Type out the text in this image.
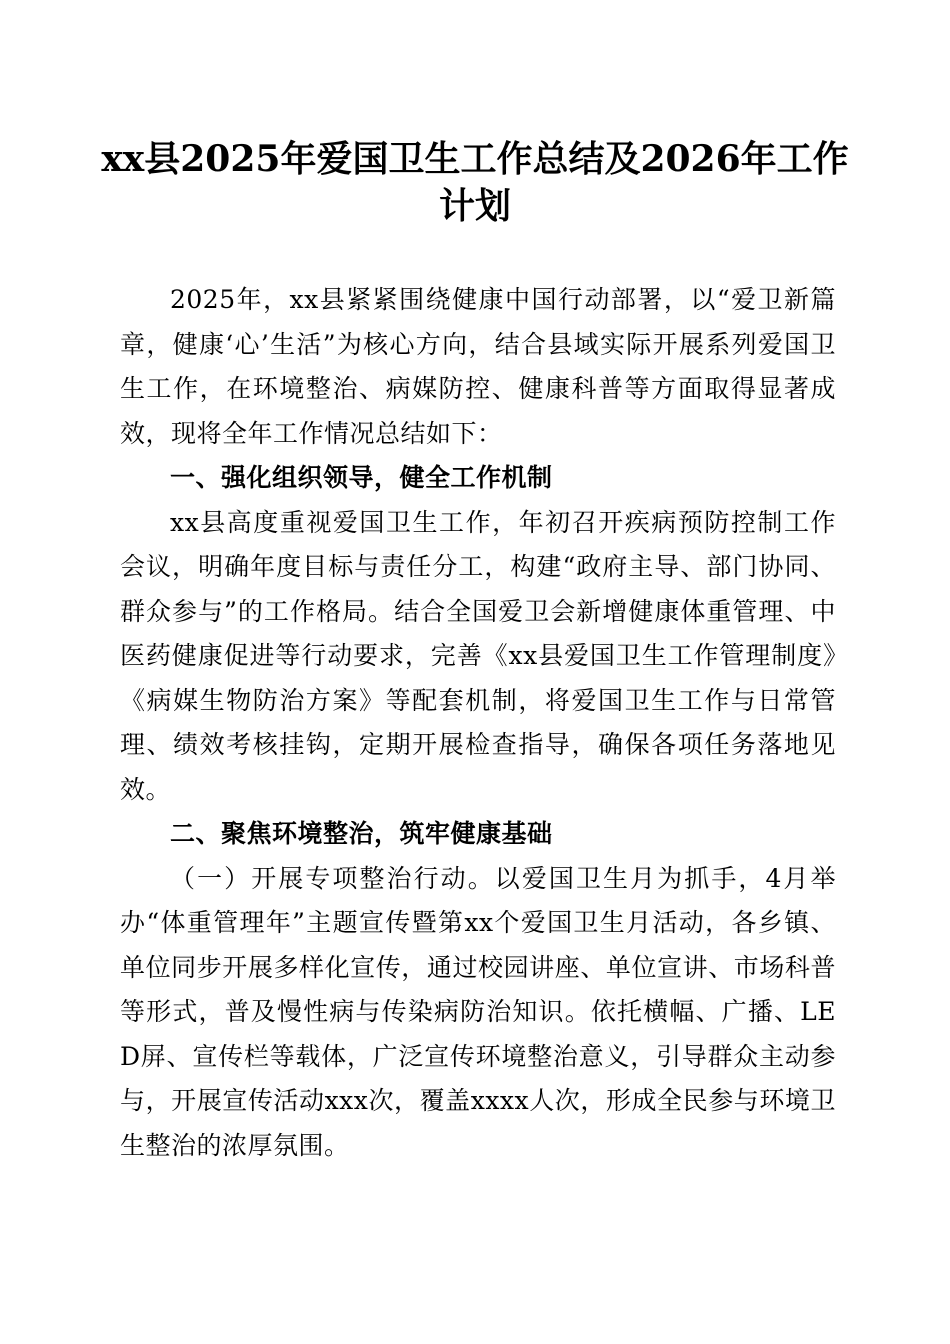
xx县2025年爱国卫生工作总结及2026年工作计划

2025年，xx县紧紧围绕健康中国行动部署，以“爱卫新篇章，健康‘心’生活”为核心方向，结合县域实际开展系列爱国卫生工作，在环境整治、病媒防控、健康科普等方面取得显著成效，现将全年工作情况总结如下：

一、强化组织领导，健全工作机制

xx县高度重视爱国卫生工作，年初召开疾病预防控制工作会议，明确年度目标与责任分工，构建“政府主导、部门协同、群众参与”的工作格局。结合全国爱卫会新增健康体重管理、中医药健康促进等行动要求，完善《xx县爱国卫生工作管理制度》《病媒生物防治方案》等配套机制，将爱国卫生工作与日常管理、绩效考核挂钩，定期开展检查指导，确保各项任务落地见效。

二、聚焦环境整治，筑牢健康基础

（一）开展专项整治行动。以爱国卫生月为抓手，4月举办“体重管理年”主题宣传暨第xx个爱国卫生月活动，各乡镇、单位同步开展多样化宣传，通过校园讲座、单位宣讲、市场科普等形式，普及慢性病与传染病防治知识。依托横幅、广播、LED屏、宣传栏等载体，广泛宣传环境整治意义，引导群众主动参与，开展宣传活动xxx次，覆盖xxxx人次，形成全民参与环境卫生整治的浓厚氛围。
